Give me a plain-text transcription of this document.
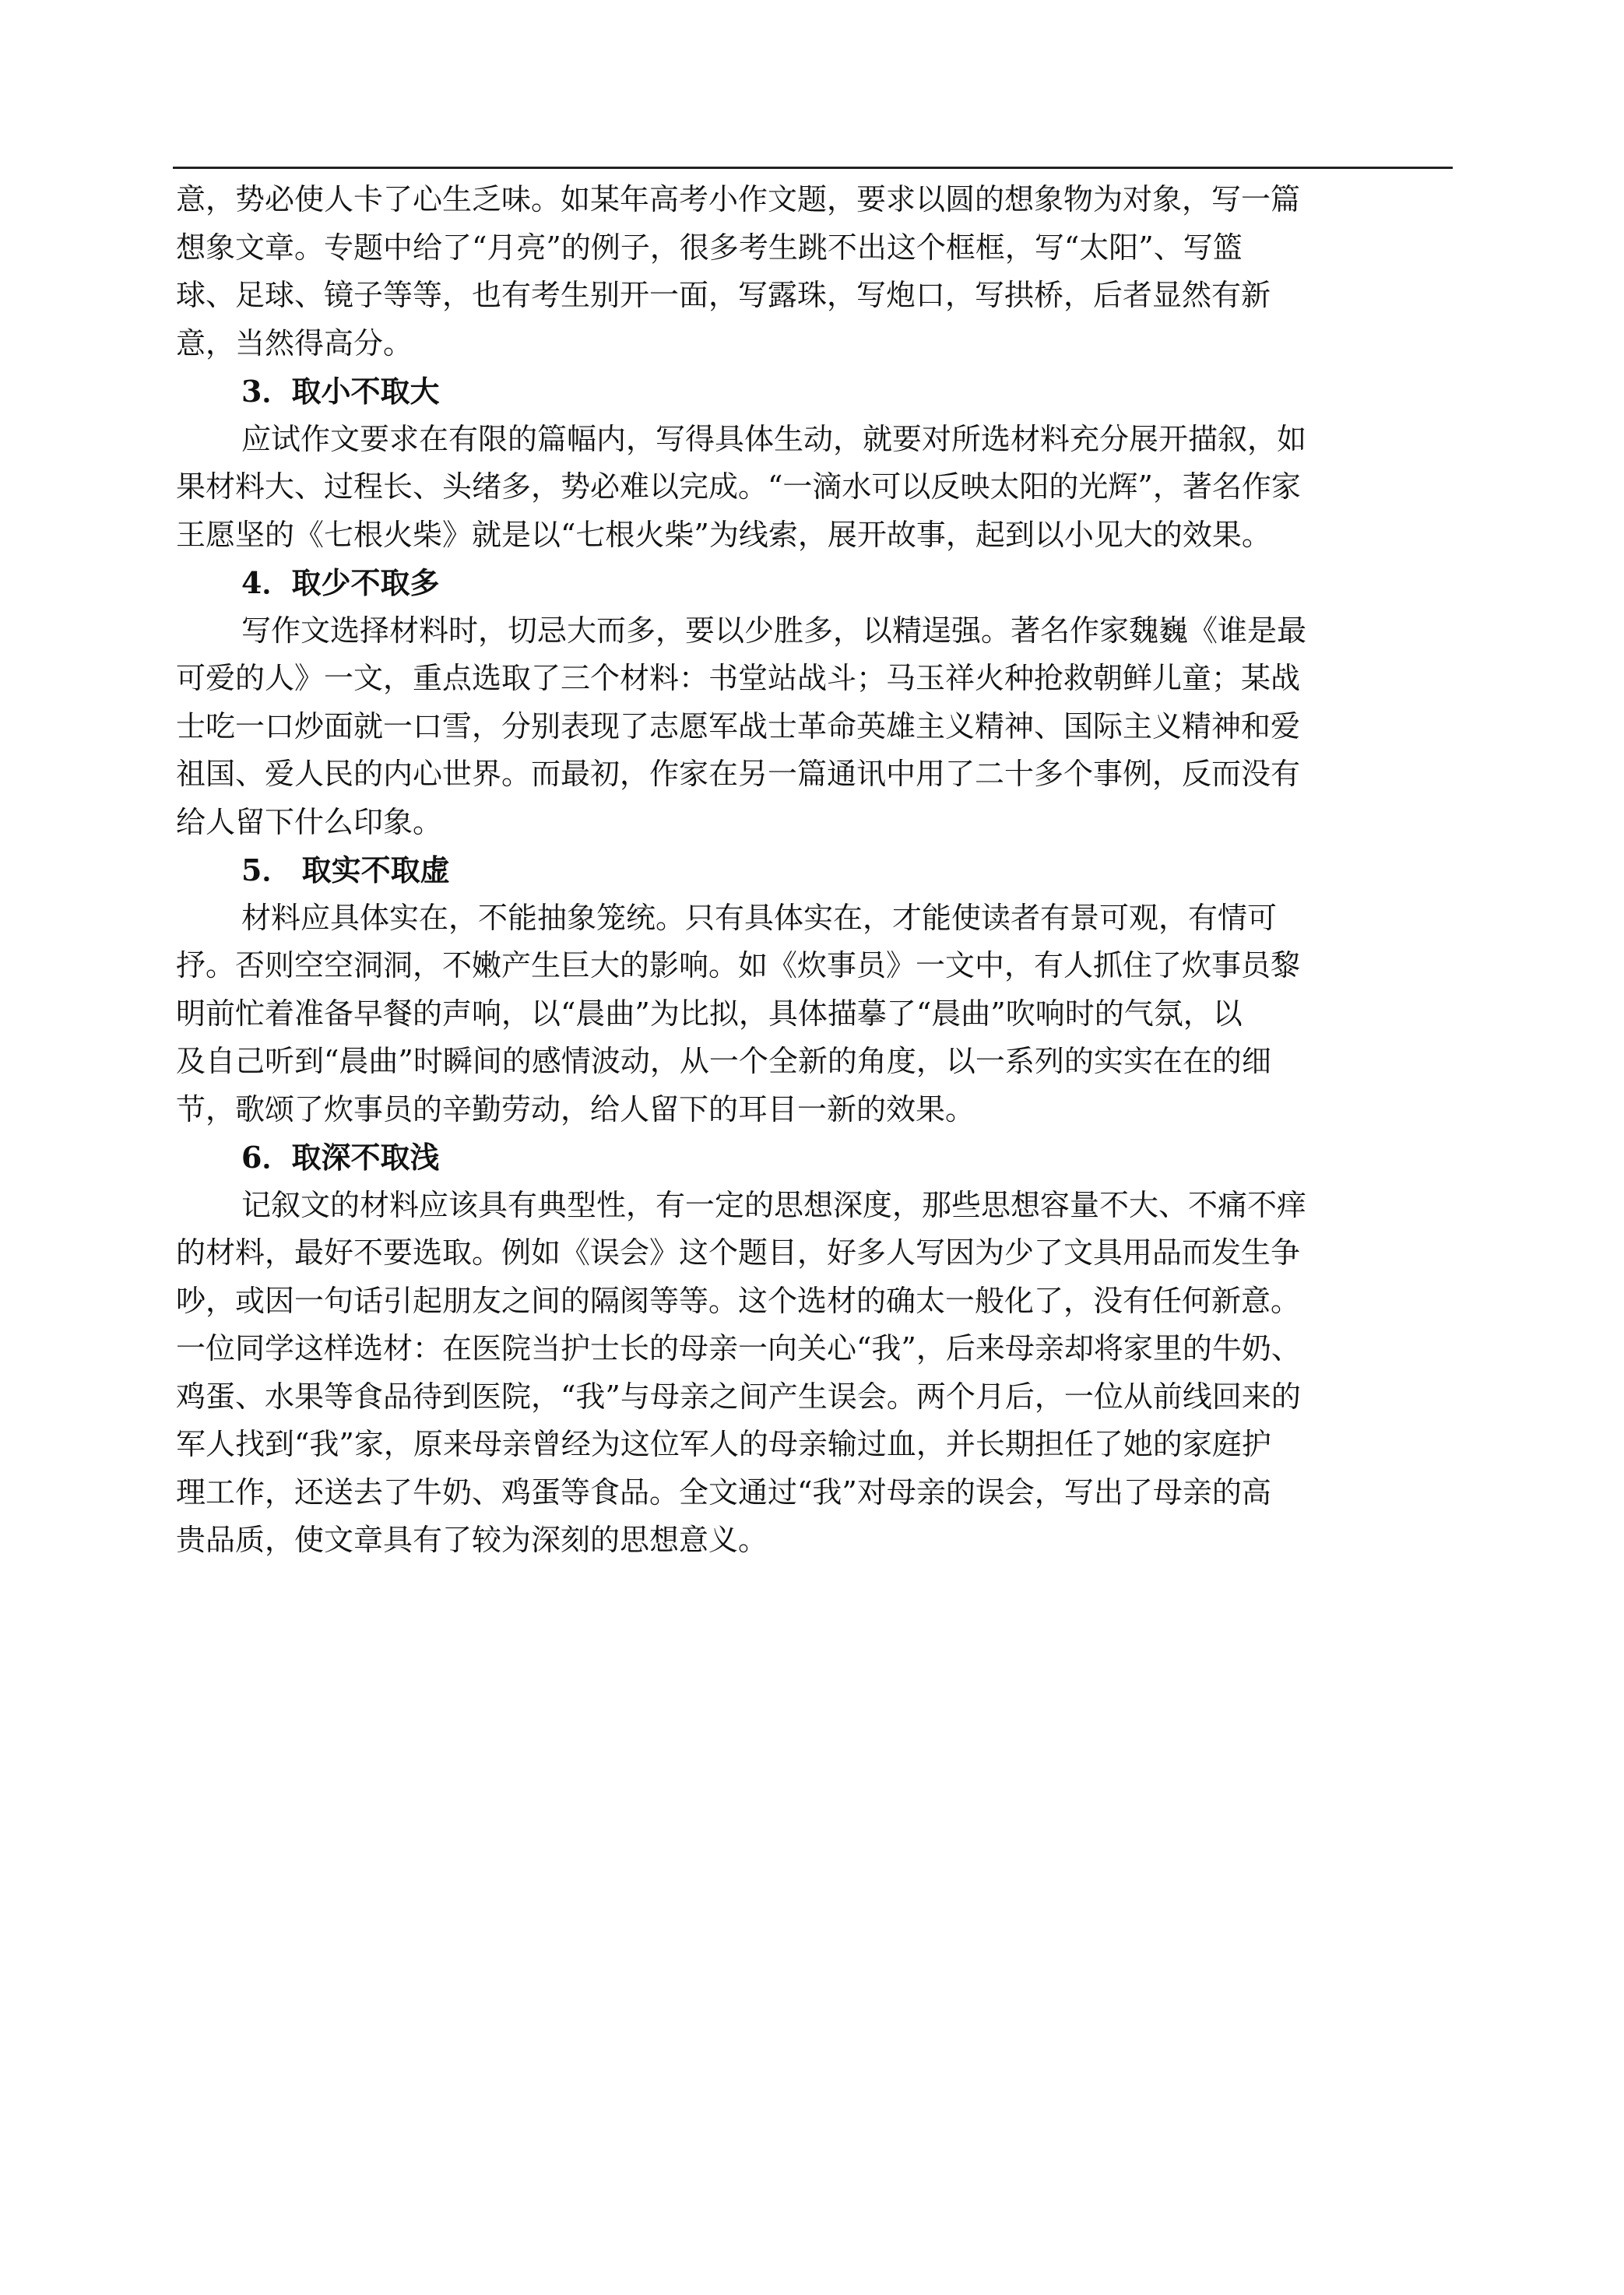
意，势必使人卡了心生乏味。如某年高考小作文题，要求以圆的想象物为对象，写一篇
想象文章。专题中给了“月亮”的例子，很多考生跳不出这个框框，写“太阳”、写篮
球、足球、镜子等等，也有考生别开一面，写露珠，写炮口，写拱桥，后者显然有新
意，当然得高分。
3．取小不取大
应试作文要求在有限的篇幅内，写得具体生动，就要对所选材料充分展开描叙，如
果材料大、过程长、头绪多，势必难以完成。“一滴水可以反映太阳的光辉”，著名作家
王愿坚的《七根火柴》就是以“七根火柴”为线索，展开故事，起到以小见大的效果。
4．取少不取多
写作文选择材料时，切忌大而多，要以少胜多，以精逞强。著名作家魏巍《谁是最
可爱的人》一文，重点选取了三个材料：书堂站战斗；马玉祥火种抢救朝鲜儿童；某战
士吃一口炒面就一口雪，分别表现了志愿军战士革命英雄主义精神、国际主义精神和爱
祖国、爱人民的内心世界。而最初，作家在另一篇通讯中用了二十多个事例，反而没有
给人留下什么印象。
5． 取实不取虚
材料应具体实在，不能抽象笼统。只有具体实在，才能使读者有景可观，有情可
抒。否则空空洞洞，不嫩产生巨大的影响。如《炊事员》一文中，有人抓住了炊事员黎
明前忙着准备早餐的声响，以“晨曲”为比拟，具体描摹了“晨曲”吹响时的气氛，以
及自己听到“晨曲”时瞬间的感情波动，从一个全新的角度，以一系列的实实在在的细
节，歌颂了炊事员的辛勤劳动，给人留下的耳目一新的效果。
6．取深不取浅
记叙文的材料应该具有典型性，有一定的思想深度，那些思想容量不大、不痛不痒
的材料，最好不要选取。例如《误会》这个题目，好多人写因为少了文具用品而发生争
吵，或因一句话引起朋友之间的隔阂等等。这个选材的确太一般化了，没有任何新意。
一位同学这样选材：在医院当护士长的母亲一向关心“我”，后来母亲却将家里的牛奶、
鸡蛋、水果等食品待到医院，“我”与母亲之间产生误会。两个月后，一位从前线回来的
军人找到“我”家，原来母亲曾经为这位军人的母亲输过血，并长期担任了她的家庭护
理工作，还送去了牛奶、鸡蛋等食品。全文通过“我”对母亲的误会，写出了母亲的高
贵品质，使文章具有了较为深刻的思想意义。
